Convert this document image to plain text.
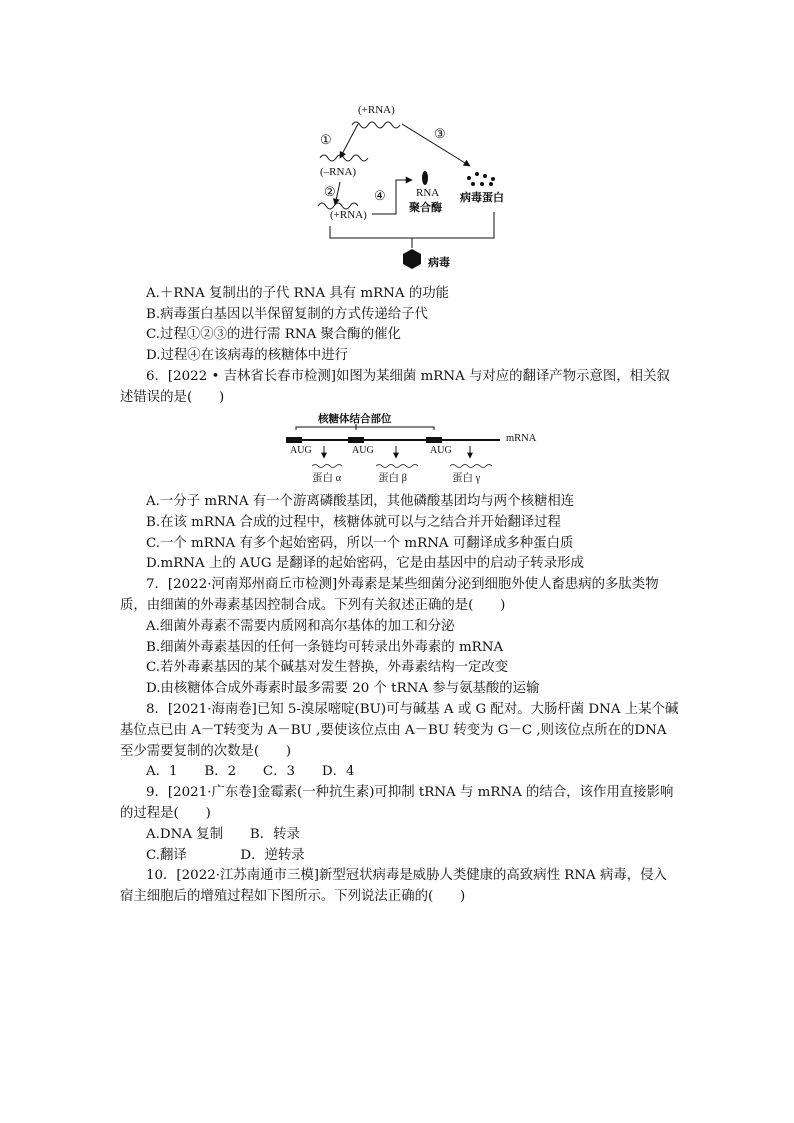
(+RNA)
①	③
(–RNA)
②	④
(+RNA)
RNA
聚合酶
病毒蛋白
病毒
A.＋RNA 复制出的子代 RNA 具有 mRNA 的功能
B.病毒蛋白基因以半保留复制的方式传递给子代
C.过程①②③的进行需 RNA 聚合酶的催化
D.过程④在该病毒的核糖体中进行
6．[2022 • 吉林省长春市检测]如图为某细菌 mRNA 与对应的翻译产物示意图，相关叙
述错误的是(　　)
核糖体结合部位
mRNA
AUG	AUG	AUG
蛋白 α	蛋白 β	蛋白 γ
A.一分子 mRNA 有一个游离磷酸基团，其他磷酸基团均与两个核糖相连
B.在该 mRNA 合成的过程中，核糖体就可以与之结合并开始翻译过程
C.一个 mRNA 有多个起始密码，所以一个 mRNA 可翻译成多种蛋白质
D.mRNA 上的 AUG 是翻译的起始密码，它是由基因中的启动子转录形成
7．[2022·河南郑州商丘市检测]外毒素是某些细菌分泌到细胞外使人畜患病的多肽类物
质，由细菌的外毒素基因控制合成。下列有关叙述正确的是(　　)
A.细菌外毒素不需要内质网和高尔基体的加工和分泌
B.细菌外毒素基因的任何一条链均可转录出外毒素的 mRNA
C.若外毒素基因的某个碱基对发生替换，外毒素结构一定改变
D.由核糖体合成外毒素时最多需要 20 个 tRNA 参与氨基酸的运输
8．[2021·海南卷]已知 5-溴尿嘧啶(BU)可与碱基 A 或 G 配对。大肠杆菌 DNA 上某个碱
基位点已由 A－T转变为 A－BU ,要使该位点由 A－BU 转变为 G－C ,则该位点所在的DNA
至少需要复制的次数是(　　)
A．1　　B．2　　C．3　　D．4
9．[2021·广东卷]金霉素(一种抗生素)可抑制 tRNA 与 mRNA 的结合，该作用直接影响
的过程是(　　)
A.DNA 复制　　B．转录
C.翻译　　　　D．逆转录
10．[2022·江苏南通市三模]新型冠状病毒是威胁人类健康的高致病性 RNA 病毒，侵入
宿主细胞后的增殖过程如下图所示。下列说法正确的(　　)
